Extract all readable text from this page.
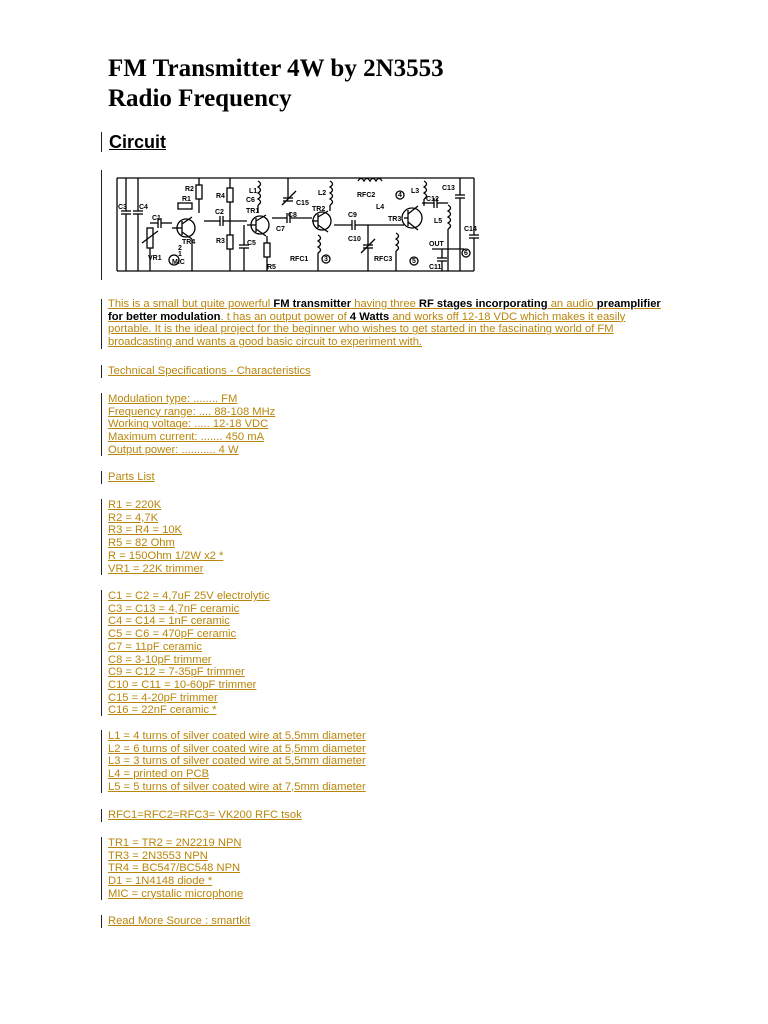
FM Transmitter 4W by 2N3553
Radio Frequency
Circuit
C3 C4
C1
R2
R1
TR4
VR1
MIC
R4
C2
R3	C5
L1
C6
TR1
C7
R5
C15
C8
TR2
L2
RFC1
RFC2
C9
TR3
C10
RFC3
L4
L3
C12
L5
C13
C14
OUT
C11
1
2
3
4
5
6

This is a small but quite powerful FM transmitter having three RF stages incorporating an audio preamplifier for better modulation. t has an output power of 4 Watts and works off 12-18 VDC which makes it easily portable. It is the ideal project for the beginner who wishes to get started in the fascinating world of FM broadcasting and wants a good basic circuit to experiment with.

Technical Specifications - Characteristics
Modulation type: ........ FM
Frequency range: .... 88-108 MHz
Working voltage: ..... 12-18 VDC
Maximum current: ....... 450 mA
Output power: ........... 4 W
Parts List
R1 = 220K
R2 = 4,7K
R3 = R4 = 10K
R5 = 82 Ohm
R = 150Ohm 1/2W x2 *
VR1 = 22K trimmer
C1 = C2 = 4,7uF 25V electrolytic
C3 = C13 = 4,7nF ceramic
C4 = C14 = 1nF ceramic
C5 = C6 = 470pF ceramic
C7 = 11pF ceramic
C8 = 3-10pF trimmer
C9 = C12 = 7-35pF trimmer
C10 = C11 = 10-60pF trimmer
C15 = 4-20pF trimmer
C16 = 22nF ceramic *
L1 = 4 turns of silver coated wire at 5,5mm diameter
L2 = 6 turns of silver coated wire at 5,5mm diameter
L3 = 3 turns of silver coated wire at 5,5mm diameter
L4 = printed on PCB
L5 = 5 turns of silver coated wire at 7,5mm diameter
RFC1=RFC2=RFC3= VK200 RFC tsok
TR1 = TR2 = 2N2219 NPN
TR3 = 2N3553 NPN
TR4 = BC547/BC548 NPN
D1 = 1N4148 diode *
MIC = crystalic microphone
Read More Source : smartkit
